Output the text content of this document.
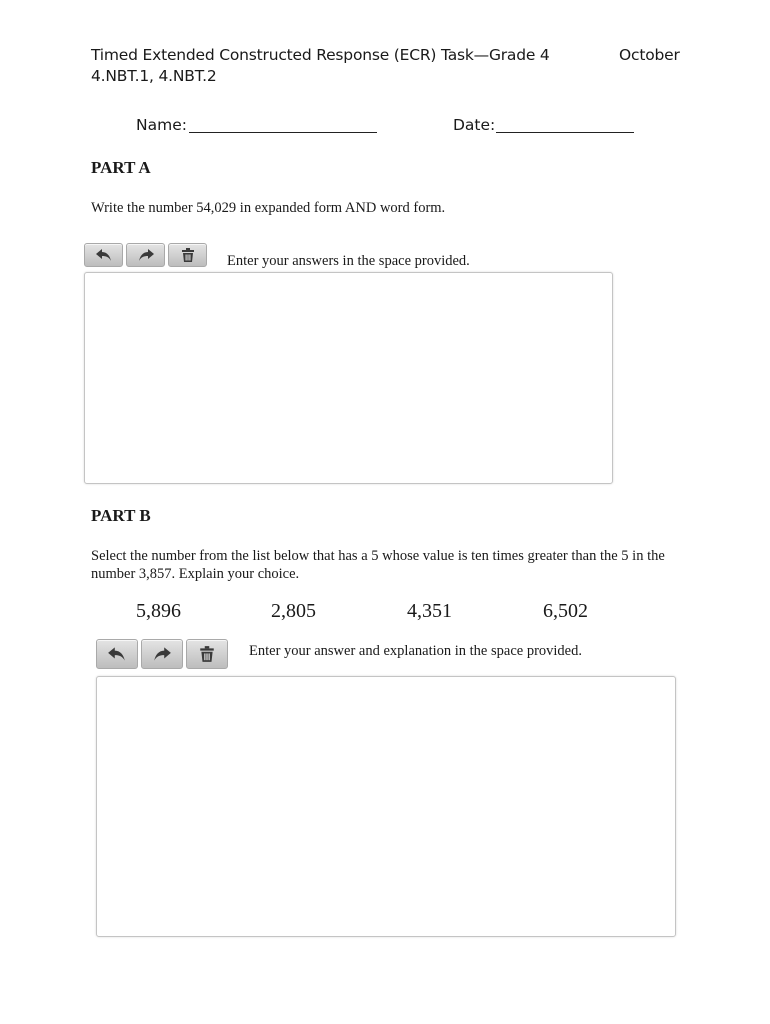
Timed Extended Constructed Response (ECR) Task—Grade 4	October
4.NBT.1, 4.NBT.2
Name:	Date:
PART A
Write the number 54,029 in expanded form AND word form.
Enter your answers in the space provided.
PART B
Select the number from the list below that has a 5 whose value is ten times greater than the 5 in the number 3,857. Explain your choice.
5,896	2,805	4,351	6,502
Enter your answer and explanation in the space provided.
